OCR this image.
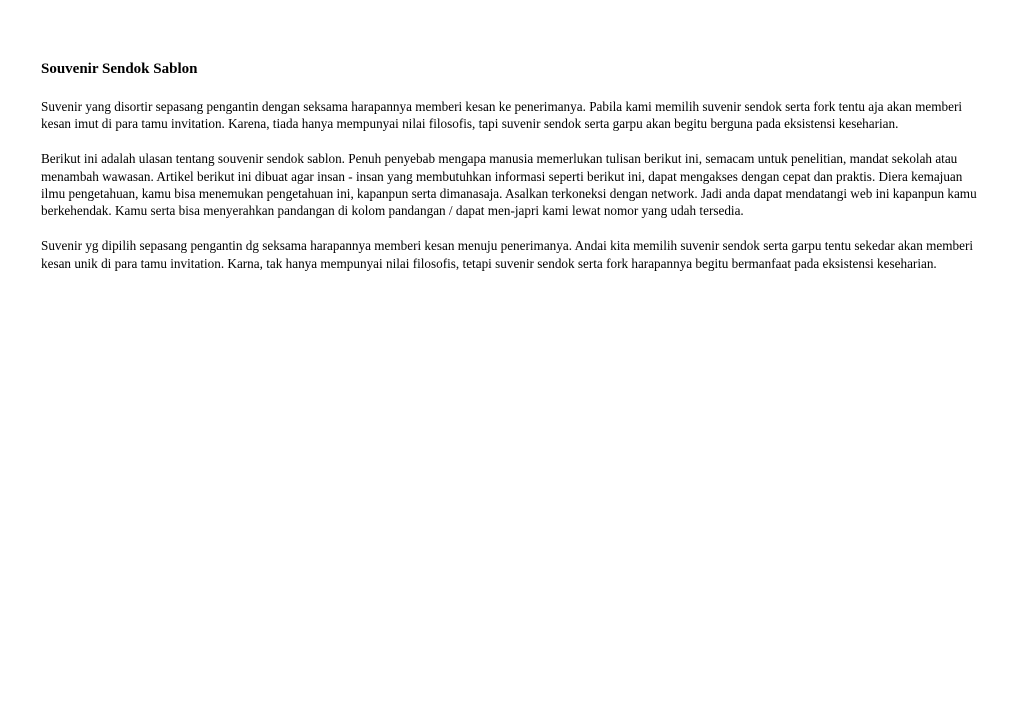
Souvenir Sendok Sablon

Suvenir yang disortir sepasang pengantin dengan seksama harapannya memberi kesan ke penerimanya. Pabila kami memilih suvenir sendok serta fork tentu aja akan memberi kesan imut di para tamu invitation. Karena, tiada hanya mempunyai nilai filosofis, tapi suvenir sendok serta garpu akan begitu berguna pada eksistensi keseharian.

Berikut ini adalah ulasan tentang souvenir sendok sablon. Penuh penyebab mengapa manusia memerlukan tulisan berikut ini, semacam untuk penelitian, mandat sekolah atau menambah wawasan. Artikel berikut ini dibuat agar insan - insan yang membutuhkan informasi seperti berikut ini, dapat mengakses dengan cepat dan praktis. Diera kemajuan ilmu pengetahuan, kamu bisa menemukan pengetahuan ini, kapanpun serta dimanasaja. Asalkan terkoneksi dengan network. Jadi anda dapat mendatangi web ini kapanpun kamu berkehendak. Kamu serta bisa menyerahkan pandangan di kolom pandangan / dapat men-japri kami lewat nomor yang udah tersedia.

Suvenir yg dipilih sepasang pengantin dg seksama harapannya memberi kesan menuju penerimanya. Andai kita memilih suvenir sendok serta garpu tentu sekedar akan memberi kesan unik di para tamu invitation. Karna, tak hanya mempunyai nilai filosofis, tetapi suvenir sendok serta fork harapannya begitu bermanfaat pada eksistensi keseharian.
